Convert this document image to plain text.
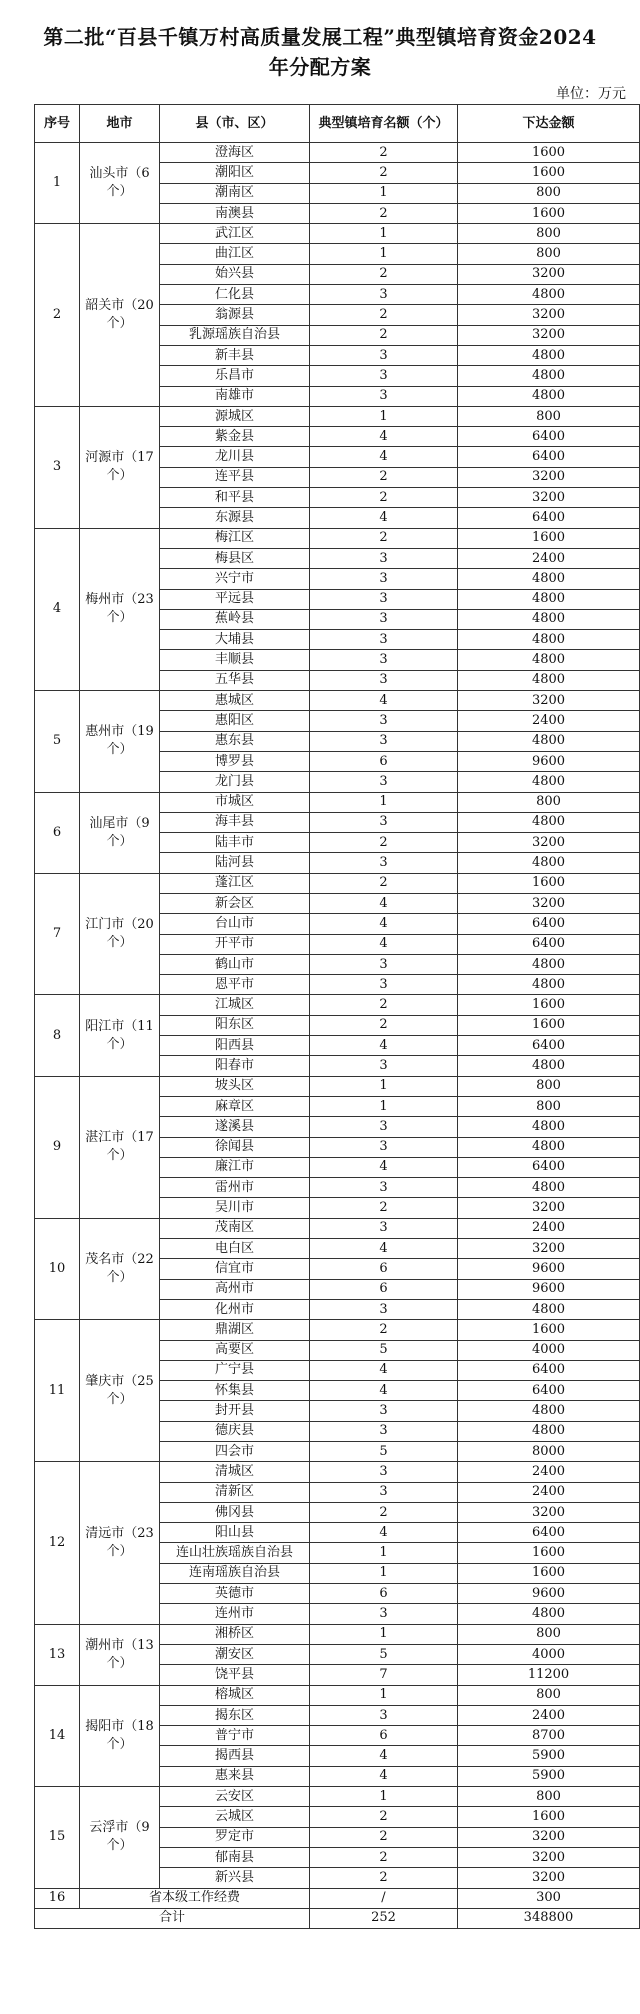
第二批“百县千镇万村高质量发展工程”典型镇培育资金2024
年分配方案
单位：万元
序号	地市	县（市、区）	典型镇培育名额（个）	下达金额
1	汕头市（6个）	澄海区	2	1600
		潮阳区	2	1600
		潮南区	1	800
		南澳县	2	1600
2	韶关市（20个）	武江区	1	800
		曲江区	1	800
		始兴县	2	3200
		仁化县	3	4800
		翁源县	2	3200
		乳源瑶族自治县	2	3200
		新丰县	3	4800
		乐昌市	3	4800
		南雄市	3	4800
3	河源市（17个）	源城区	1	800
		紫金县	4	6400
		龙川县	4	6400
		连平县	2	3200
		和平县	2	3200
		东源县	4	6400
4	梅州市（23个）	梅江区	2	1600
		梅县区	3	2400
		兴宁市	3	4800
		平远县	3	4800
		蕉岭县	3	4800
		大埔县	3	4800
		丰顺县	3	4800
		五华县	3	4800
5	惠州市（19个）	惠城区	4	3200
		惠阳区	3	2400
		惠东县	3	4800
		博罗县	6	9600
		龙门县	3	4800
6	汕尾市（9个）	市城区	1	800
		海丰县	3	4800
		陆丰市	2	3200
		陆河县	3	4800
7	江门市（20个）	蓬江区	2	1600
		新会区	4	3200
		台山市	4	6400
		开平市	4	6400
		鹤山市	3	4800
		恩平市	3	4800
8	阳江市（11个）	江城区	2	1600
		阳东区	2	1600
		阳西县	4	6400
		阳春市	3	4800
9	湛江市（17个）	坡头区	1	800
		麻章区	1	800
		遂溪县	3	4800
		徐闻县	3	4800
		廉江市	4	6400
		雷州市	3	4800
		吴川市	2	3200
10	茂名市（22个）	茂南区	3	2400
		电白区	4	3200
		信宜市	6	9600
		高州市	6	9600
		化州市	3	4800
11	肇庆市（25个）	鼎湖区	2	1600
		高要区	5	4000
		广宁县	4	6400
		怀集县	4	6400
		封开县	3	4800
		德庆县	3	4800
		四会市	5	8000
12	清远市（23个）	清城区	3	2400
		清新区	3	2400
		佛冈县	2	3200
		阳山县	4	6400
		连山壮族瑶族自治县	1	1600
		连南瑶族自治县	1	1600
		英德市	6	9600
		连州市	3	4800
13	潮州市（13个）	湘桥区	1	800
		潮安区	5	4000
		饶平县	7	11200
14	揭阳市（18个）	榕城区	1	800
		揭东区	3	2400
		普宁市	6	8700
		揭西县	4	5900
		惠来县	4	5900
15	云浮市（9个）	云安区	1	800
		云城区	2	1600
		罗定市	2	3200
		郁南县	2	3200
		新兴县	2	3200
16	省本级工作经费		/	300
合计			252	348800
